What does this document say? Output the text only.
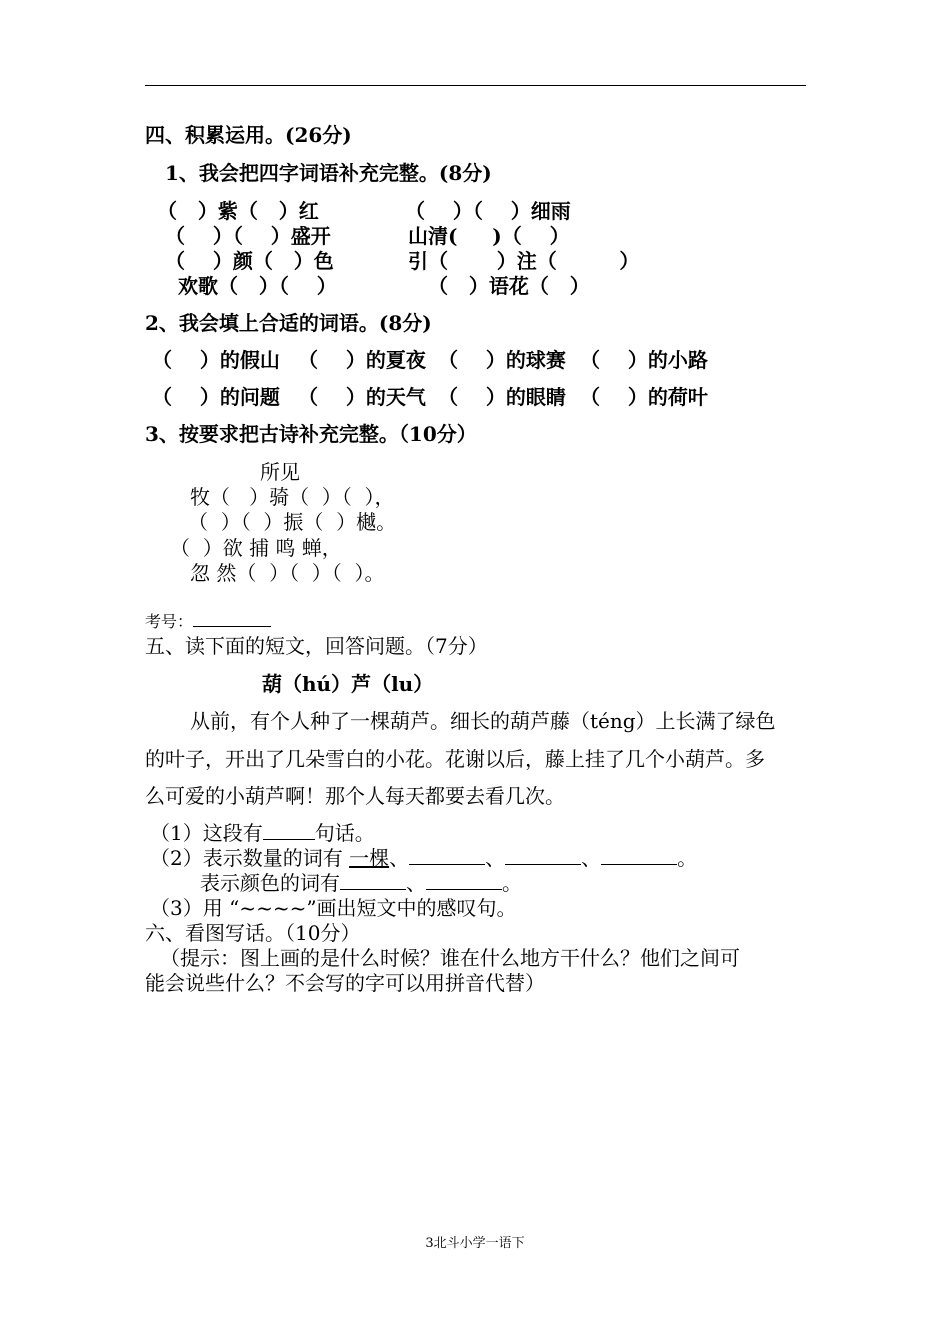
四、积累运用。(26分)
1、我会把四字词语补充完整。(8分)
（   ）紫（   ）红	（    ）（    ）细雨
（    ）（    ）盛开	山清(     )（    ）
（    ）颜（   ）色	引（       ）注（         ）
欢歌（   ）（    ）	（   ）语花（   ）
2、我会填上合适的词语。(8分)
（    ）的假山 （    ）的夏夜 （    ）的球赛 （    ）的小路
（    ）的问题 （    ）的天气 （    ）的眼睛 （    ）的荷叶
3、按要求把古诗补充完整。（10分）
所见
牧（   ）骑（  ）（  ），
（  ）（  ）振（  ）樾。
（  ）欲 捕 鸣 蝉，
忽 然（  ）（  ）（  ）。
考号：
五、读下面的短文，回答问题。（7分）
葫（hú）芦（lu）
从前，有个人种了一棵葫芦。细长的葫芦藤（téng）上长满了绿色
的叶子，开出了几朵雪白的小花。花谢以后，藤上挂了几个小葫芦。多
么可爱的小葫芦啊！那个人每天都要去看几次。
（1）这段有	句话。
（2）表示数量的词有 一棵、	、	、	。
表示颜色的词有	、	。
（3）用 “~~~~”画出短文中的感叹句。
六、看图写话。（10分）
（提示：图上画的是什么时候？谁在什么地方干什么？他们之间可
能会说些什么？不会写的字可以用拼音代替）
3北斗小学一语下
